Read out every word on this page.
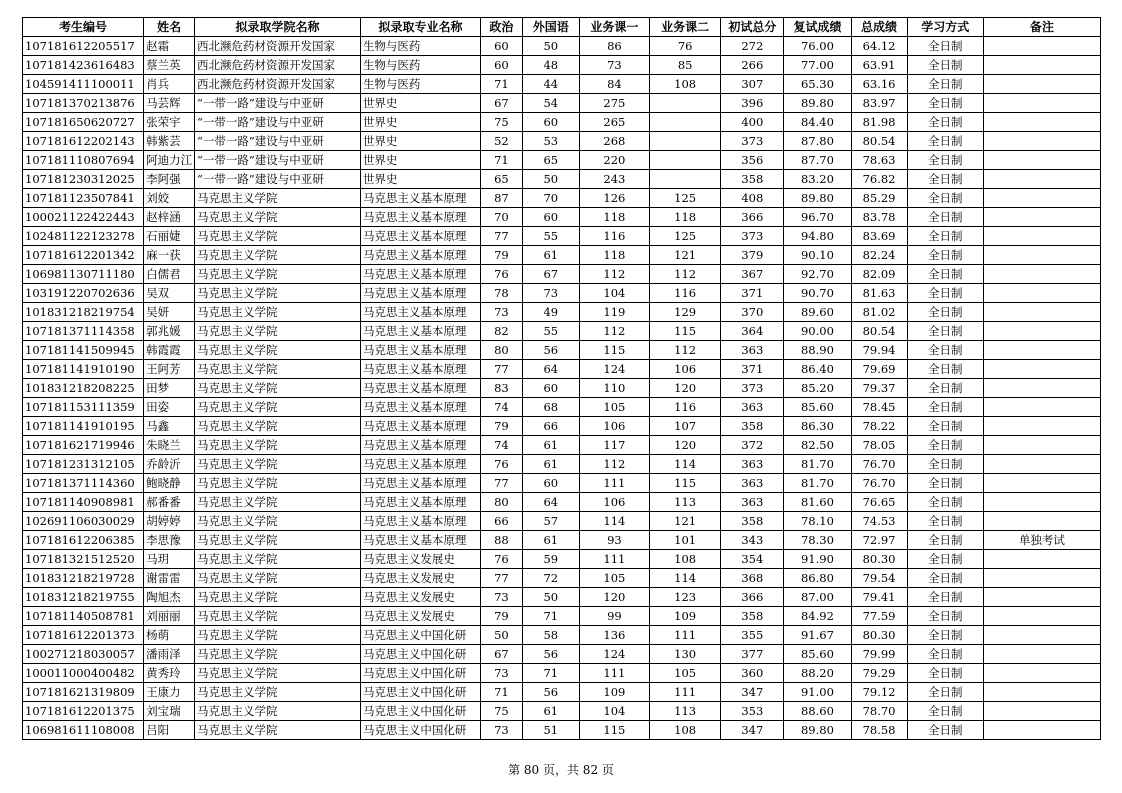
考生编号	姓名	拟录取学院名称	拟录取专业名称	政治	外国语	业务课一	业务课二	初试总分	复试成绩	总成绩	学习方式	备注
107181612205517	赵霜	西北濒危药材资源开发国家	生物与医药	60	50	86	76	272	76.00	64.12	全日制	
107181423616483	蔡兰英	西北濒危药材资源开发国家	生物与医药	60	48	73	85	266	77.00	63.91	全日制	
104591411100011	肖兵	西北濒危药材资源开发国家	生物与医药	71	44	84	108	307	65.30	63.16	全日制	
107181370213876	马芸辉	“一带一路”建设与中亚研	世界史	67	54	275		396	89.80	83.97	全日制	
107181650620727	张荣宇	“一带一路”建设与中亚研	世界史	75	60	265		400	84.40	81.98	全日制	
107181612202143	韩紫芸	“一带一路”建设与中亚研	世界史	52	53	268		373	87.80	80.54	全日制	
107181110807694	阿迪力江	“一带一路”建设与中亚研	世界史	71	65	220		356	87.70	78.63	全日制	
107181230312025	李阿强	“一带一路”建设与中亚研	世界史	65	50	243		358	83.20	76.82	全日制	
107181123507841	刘姣	马克思主义学院	马克思主义基本原理	87	70	126	125	408	89.80	85.29	全日制	
100021122422443	赵梓涵	马克思主义学院	马克思主义基本原理	70	60	118	118	366	96.70	83.78	全日制	
102481122123278	石丽婕	马克思主义学院	马克思主义基本原理	77	55	116	125	373	94.80	83.69	全日制	
107181612201342	麻一获	马克思主义学院	马克思主义基本原理	79	61	118	121	379	90.10	82.24	全日制	
106981130711180	白儒君	马克思主义学院	马克思主义基本原理	76	67	112	112	367	92.70	82.09	全日制	
103191220702636	吴双	马克思主义学院	马克思主义基本原理	78	73	104	116	371	90.70	81.63	全日制	
101831218219754	吴妍	马克思主义学院	马克思主义基本原理	73	49	119	129	370	89.60	81.02	全日制	
107181371114358	郭兆媛	马克思主义学院	马克思主义基本原理	82	55	112	115	364	90.00	80.54	全日制	
107181141509945	韩霞霞	马克思主义学院	马克思主义基本原理	80	56	115	112	363	88.90	79.94	全日制	
107181141910190	王阿芳	马克思主义学院	马克思主义基本原理	77	64	124	106	371	86.40	79.69	全日制	
101831218208225	田梦	马克思主义学院	马克思主义基本原理	83	60	110	120	373	85.20	79.37	全日制	
107181153111359	田姿	马克思主义学院	马克思主义基本原理	74	68	105	116	363	85.60	78.45	全日制	
107181141910195	马鑫	马克思主义学院	马克思主义基本原理	79	66	106	107	358	86.30	78.22	全日制	
107181621719946	朱晓兰	马克思主义学院	马克思主义基本原理	74	61	117	120	372	82.50	78.05	全日制	
107181231312105	乔龄沂	马克思主义学院	马克思主义基本原理	76	61	112	114	363	81.70	76.70	全日制	
107181371114360	鲍晓静	马克思主义学院	马克思主义基本原理	77	60	111	115	363	81.70	76.70	全日制	
107181140908981	郝番番	马克思主义学院	马克思主义基本原理	80	64	106	113	363	81.60	76.65	全日制	
102691106030029	胡婷婷	马克思主义学院	马克思主义基本原理	66	57	114	121	358	78.10	74.53	全日制	
107181612206385	李思豫	马克思主义学院	马克思主义基本原理	88	61	93	101	343	78.30	72.97	全日制	单独考试
107181321512520	马玥	马克思主义学院	马克思主义发展史	76	59	111	108	354	91.90	80.30	全日制	
101831218219728	谢雷雷	马克思主义学院	马克思主义发展史	77	72	105	114	368	86.80	79.54	全日制	
101831218219755	陶旭杰	马克思主义学院	马克思主义发展史	73	50	120	123	366	87.00	79.41	全日制	
107181140508781	刘丽丽	马克思主义学院	马克思主义发展史	79	71	99	109	358	84.92	77.59	全日制	
107181612201373	杨萌	马克思主义学院	马克思主义中国化研	50	58	136	111	355	91.67	80.30	全日制	
100271218030057	潘雨泽	马克思主义学院	马克思主义中国化研	67	56	124	130	377	85.60	79.99	全日制	
100011000400482	黄秀玲	马克思主义学院	马克思主义中国化研	73	71	111	105	360	88.20	79.29	全日制	
107181621319809	王康力	马克思主义学院	马克思主义中国化研	71	56	109	111	347	91.00	79.12	全日制	
107181612201375	刘宝瑞	马克思主义学院	马克思主义中国化研	75	61	104	113	353	88.60	78.70	全日制	
106981611108008	吕阳	马克思主义学院	马克思主义中国化研	73	51	115	108	347	89.80	78.58	全日制	
第 80 页，共 82 页
